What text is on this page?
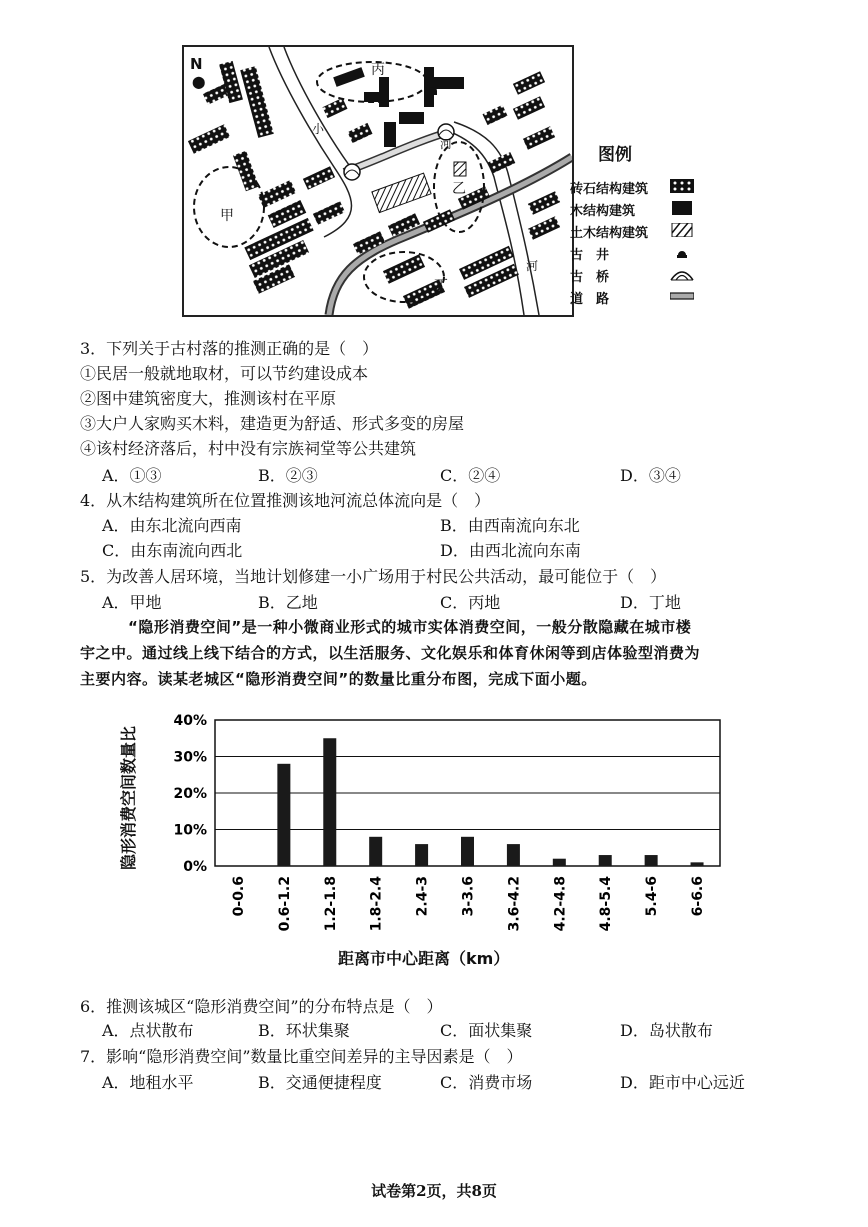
N
⬤
丙
乙
甲
丁
小
河
河
图例
砖石结构建筑
木结构建筑
土木结构建筑
古　井
古　桥
道　路
3．下列关于古村落的推测正确的是（　）
①民居一般就地取材，可以节约建设成本
②图中建筑密度大，推测该村在平原
③大户人家购买木料，建造更为舒适、形式多变的房屋
④该村经济落后，村中没有宗族祠堂等公共建筑
A．①③	B．②③	C．②④	D．③④
4．从木结构建筑所在位置推测该地河流总体流向是（　）
A．由东北流向西南	B．由西南流向东北
C．由东南流向西北	D．由西北流向东南
5．为改善人居环境，当地计划修建一小广场用于村民公共活动，最可能位于（　）
A．甲地	B．乙地	C．丙地	D．丁地
“隐形消费空间”是一种小微商业形式的城市实体消费空间，一般分散隐藏在城市楼
宇之中。通过线上线下结合的方式，以生活服务、文化娱乐和体育休闲等到店体验型消费为
主要内容。读某老城区“隐形消费空间”的数量比重分布图，完成下面小题。
0%
10%
20%
30%
40%
0-0.6 0.6-1.2 1.2-1.8 1.8-2.4 2.4-3 3-3.6 3.6-4.2 4.2-4.8 4.8-5.4 5.4-6 6-6.6
隐形消费空间数量比
距离市中心距离（km）
6．推测该城区“隐形消费空间”的分布特点是（　）
A．点状散布	B．环状集聚	C．面状集聚	D．岛状散布
7．影响“隐形消费空间”数量比重空间差异的主导因素是（　）
A．地租水平	B．交通便捷程度	C．消费市场	D．距市中心远近
试卷第2页，共8页
